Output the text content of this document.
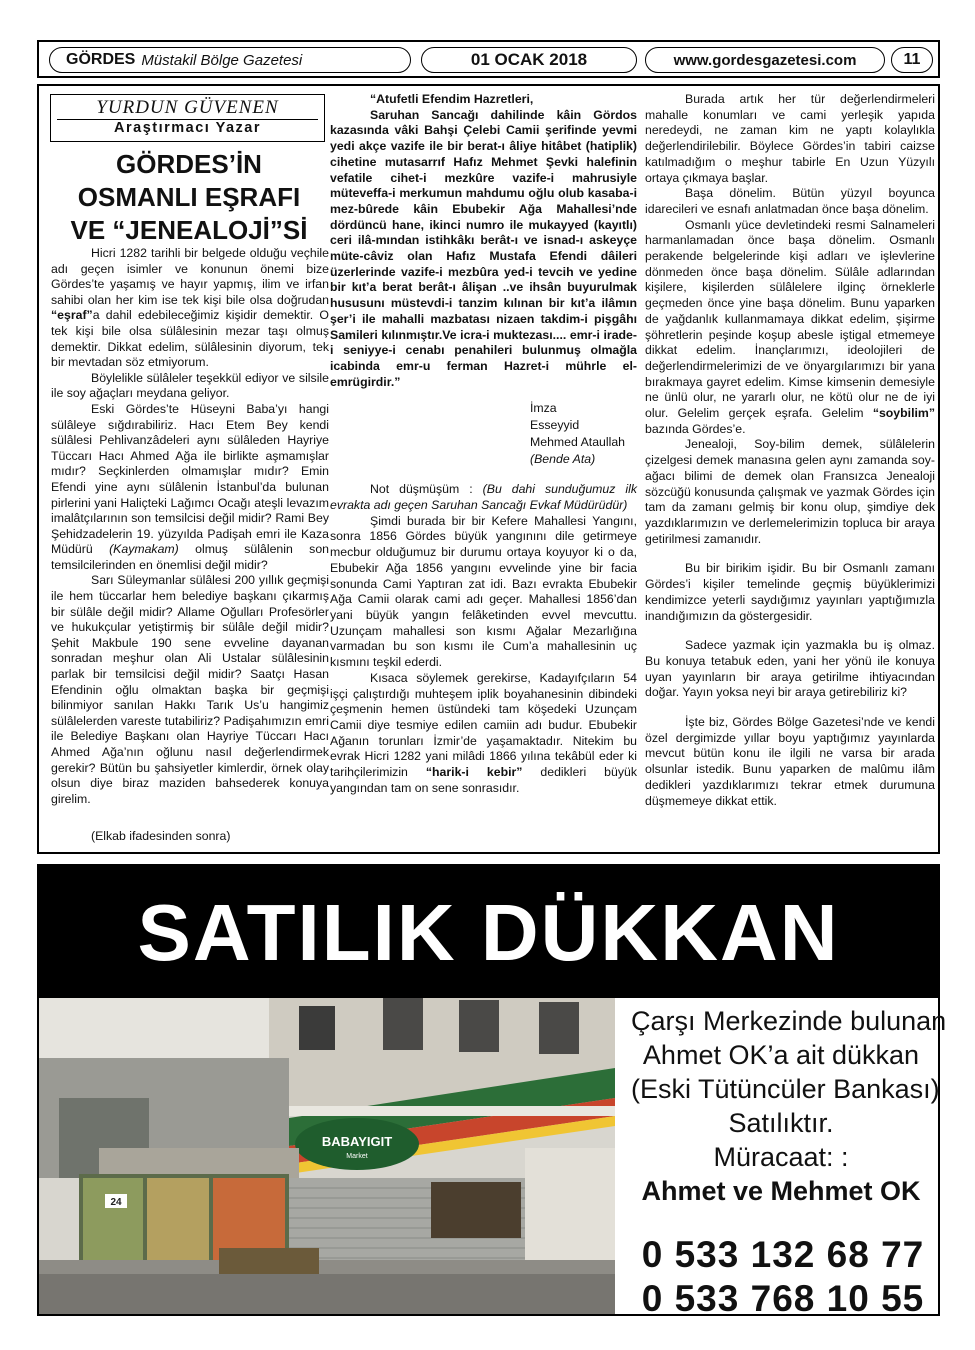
GÖRDES Müstakil Bölge Gazetesi	01 OCAK 2018	www.gordesgazetesi.com	11
YURDUN GÜVENEN
Araştırmacı Yazar
GÖRDES’İN
OSMANLI EŞRAFI
VE “JENEALOJİ”Sİ

Hicri 1282 tarihli bir belgede olduğu veçhile adı geçen isimler ve konunun önemi bize Gördes’te yaşamış ve hayır yapmış, ilim ve irfan sahibi olan her kim ise tek kişi bile olsa doğrudan “eşraf”a dahil edebileceğimiz kişidir demektir. O tek kişi bile olsa sülâlesinin mezar taşı olmuş demektir. Dikkat edelim, sülâlesinin diyorum, tek bir mevtadan söz etmiyorum.

Böylelikle sülâleler teşekkül ediyor ve silsile ile soy ağaçları meydana geliyor.

Eski Gördes’te Hüseyni Baba’yı hangi sülâleye sığdırabiliriz. Hacı Etem Bey kendi sülâlesi Pehlivanzâdeleri aynı sülâleden Hayriye Tüccarı Hacı Ahmed Ağa ile birlikte aşmamışlar mıdır? Seçkinlerden olmamışlar mıdır? Emin Efendi yine aynı sülâlenin İstanbul’da bulunan pirlerini yani Haliçteki Lağımcı Ocağı ateşli levazım imalâtçılarının son temsilcisi değil midir? Rami Bey Şehidzadelerin 19. yüzyılda Padişah emri ile Kaza Müdürü (Kaymakam) olmuş sülâlenin son temsilcilerinden en önemlisi değil midir?

Sarı Süleymanlar sülâlesi 200 yıllık geçmişi ile hem tüccarlar hem belediye başkanı çıkarmış bir sülâle değil midir? Allame Oğulları Profesörler ve hukukçular yetiştirmiş bir sülâle değil midir? Şehit Makbule 190 sene evveline dayanan sonradan meşhur olan Ali Ustalar sülâlesinin parlak bir temsilcisi değil midir? Saatçı Hasan Efendinin oğlu olmaktan başka bir geçmişi bilinmiyor sanılan Hakkı Tarık Us’u hangimiz sülâlelerden vareste tutabiliriz? Padişahımızın emri ile Belediye Başkanı olan Hayriye Tüccarı Hacı Ahmed Ağa’nın oğlunu nasıl değerlendirmek gerekir? Bütün bu şahsiyetler kimlerdir, örnek olay olsun diye biraz maziden bahsederek konuya girelim.

(Elkab ifadesinden sonra)

“Atufetli Efendim Hazretleri,

Saruhan Sancağı dahilinde kâin Gördos kazasında vâki Bahşi Çelebi Camii şerifinde yevmi yedi akçe vazife ile bir berat-ı âliye hitâbet (hatiplik) cihetine mutasarrıf Hafız Mehmet Şevki halefinin vefatile cihet-i mezkûre vazife-i mahrusiyle müteveffa-i merkumun mahdumu oğlu olub kasaba-i mez-bûrede kâin Ebubekir Ağa Mahallesi’nde dördüncü hane, ikinci numro ile mukayyed (kayıtlı) ceri ilâ-mından istihkâkı berât-ı ve isnad-ı askeyçe müte-câviz olan Hafız Mustafa Efendi dâileri üzerlerinde vazife-i mezbûra yed-i tevcih ve yedine bir kıt’a berat berât-ı âlişan ..ve ihsân buyurulmak hususunı müstevdi-i tanzim kılınan bir kıt’a ilâmın şer’i ile mahalli mazbatası nizaen takdim-i pişgâhı Samileri kılınmıştır.Ve icra-i muktezası.... emr-i irade-i seniyye-i cenabı penahileri bulunmuş olmağla icabinda emr-u ferman Hazret-i mührle el-emrügirdir.”

İmza
Esseyyid
Mehmed Ataullah
(Bende Ata)

Not düşmüşüm : (Bu dahi sunduğumuz ilk evrakta adı geçen Saruhan Sancağı Evkaf Müdürüdür)

Şimdi burada bir bir Kefere Mahallesi Yangını, sonra 1856 Gördes büyük yangınını dile getirmeye mecbur olduğumuz bir durumu ortaya koyuyor ki o da, Ebubekir Ağa 1856 yangını evvelinde yine bir facia sonunda Cami Yaptıran zat idi. Bazı evrakta Ebubekir Ağa Camii olarak cami adı geçer. Mahallesi 1856’dan yani büyük yangın felâketinden evvel mevcuttu. Uzunçam mahallesi son kısmı Ağalar Mezarlığına varmadan bu son kısmı ile Cum’a mahallesinin uç kısmını teşkil ederdi.

Kısaca söylemek gerekirse, Kadayıfçıların 54 işçi çalıştırdığı muhteşem iplik boyahanesinin dibindeki çeşmenin hemen üstündeki tam köşedeki Uzunçam Camii diye tesmiye edilen camiin adı budur. Ebubekir Ağanın torunları İzmir’de yaşamaktadır. Nitekim bu evrak Hicri 1282 yani milâdi 1866 yılına tekâbül eder ki tarihçilerimizin “harik-i kebir” dedikleri büyük yangından tam on sene sonrasıdır.

Burada artık her tür değerlendirmeleri mahalle konumları ve cami yerleşik yapıda neredeydi, ne zaman kim ne yaptı kolaylıkla değerlendirilebilir. Böylece Gördes’in tabiri caizse katılmadığım o meşhur tabirle En Uzun Yüzyılı ortaya çıkmaya başlar.

Başa dönelim. Bütün yüzyıl boyunca idarecileri ve esnafı anlatmadan önce başa dönelim.

Osmanlı yüce devletindeki resmi Salnameleri harmanlamadan önce başa dönelim. Osmanlı perakende belgelerinde kişi adları ve işlevlerine dönmeden önce başa dönelim. Sülâle adlarından kişilere, kişilerden sülâlelere ilginç örneklerle geçmeden önce yine başa dönelim. Bunu yaparken de yağdanlık kullanmamaya dikkat edelim, şişirme şöhretlerin peşinde koşup abesle iştigal etmemeye dikkat edelim. İnançlarımızı, ideolojileri de değerlendirmelerimizi de ve önyargılarımızı bir yana bırakmaya gayret edelim. Kimse kimsenin demesiyle ne ünlü olur, ne yararlı olur, ne kötü olur ne de iyi olur. Gelelim gerçek eşrafa. Gelelim “soybilim” bazında Gördes’e.

Jenealoji, Soy-bilim demek, sülâlelerin çizelgesi demek manasına gelen aynı zamanda soy-ağacı bilimi de demek olan Fransızca Jenealoji sözcüğü konusunda çalışmak ve yazmak Gördes için tam da zamanı gelmiş bir konu olup, şimdiye dek yazdıklarımızın ve derlemelerimizin topluca bir araya getirilmesi zamanıdır.

Bu bir birikim işidir. Bu bir Osmanlı zamanı Gördes’i kişiler temelinde geçmiş büyüklerimizi kendimizce yeterli saydığımız yayınları yaptığımızla inandığımızın da göstergesidir.

Sadece yazmak için yazmakla bu iş olmaz. Bu konuya tetabuk eden, yani her yönü ile konuya uyan yayınların bir araya getirilme ihtiyacından doğar. Yayın yoksa neyi bir araya getirebiliriz ki?

İşte biz, Gördes Bölge Gazetesi’nde ve kendi özel dergimizde yıllar boyu yaptığımız yayınlarda mevcut bütün konu ile ilgili ne varsa bir arada olsunlar istedik. Bunu yaparken de malûmu ilâm dedikleri yazdıklarımızı tekrar etmek durumuna düşmemeye dikkat ettik.

SATILIK DÜKKAN
BABAYIGIT
Market
24
Çarşı Merkezinde bulunan
Ahmet OK’a ait dükkan
(Eski Tütüncüler Bankası)
Satılıktır.
Müracaat: :
Ahmet ve Mehmet OK
0 533 132 68 77
0 533 768 10 55
